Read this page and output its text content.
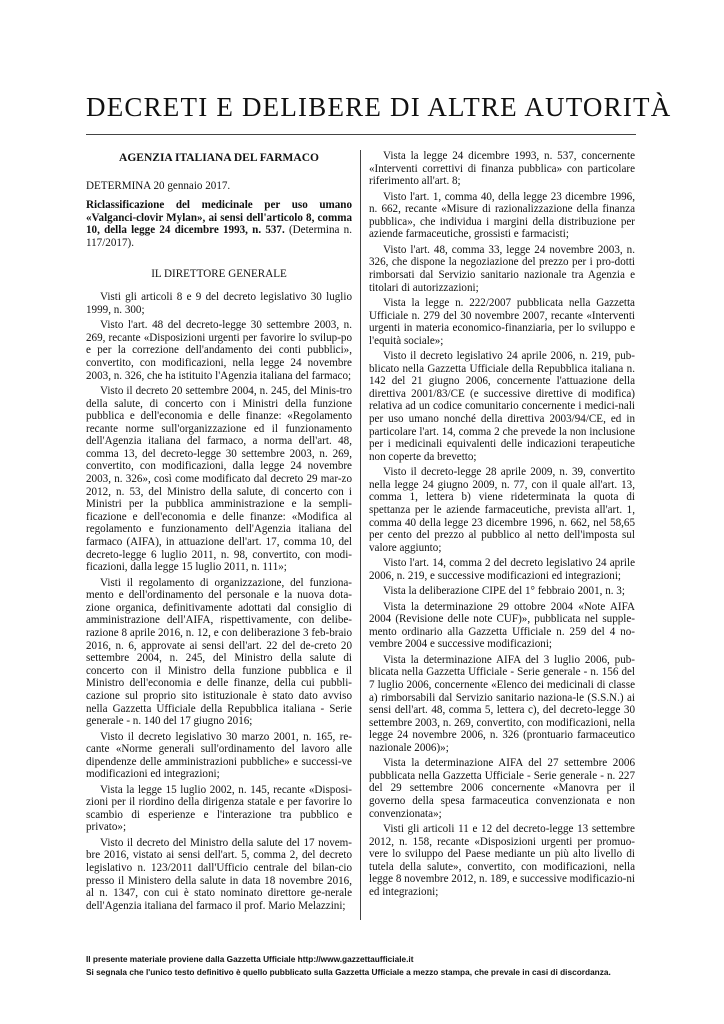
DECRETI E DELIBERE DI ALTRE AUTORITÀ
AGENZIA ITALIANA DEL FARMACO
DETERMINA 20 gennaio 2017.

Riclassificazione del medicinale per uso umano «Valganci-clovir Mylan», ai sensi dell'articolo 8, comma 10, della legge 24 dicembre 1993, n. 537. (Determina n. 117/2017).

IL DIRETTORE GENERALE

Visti gli articoli 8 e 9 del decreto legislativo 30 luglio 1999, n. 300;

Visto l'art. 48 del decreto-legge 30 settembre 2003, n. 269, recante «Disposizioni urgenti per favorire lo svilup-po e per la correzione dell'andamento dei conti pubblici», convertito, con modificazioni, nella legge 24 novembre 2003, n. 326, che ha istituito l'Agenzia italiana del farmaco;

Visto il decreto 20 settembre 2004, n. 245, del Minis-tro della salute, di concerto con i Ministri della funzione pubblica e dell'economia e delle finanze: «Regolamento recante norme sull'organizzazione ed il funzionamento dell'Agenzia italiana del farmaco, a norma dell'art. 48, comma 13, del decreto-legge 30 settembre 2003, n. 269, convertito, con modificazioni, dalla legge 24 novembre 2003, n. 326», così come modificato dal decreto 29 mar-zo 2012, n. 53, del Ministro della salute, di concerto con i Ministri per la pubblica amministrazione e la sempli-ficazione e dell'economia e delle finanze: «Modifica al regolamento e funzionamento dell'Agenzia italiana del farmaco (AIFA), in attuazione dell'art. 17, comma 10, del decreto-legge 6 luglio 2011, n. 98, convertito, con modi-ficazioni, dalla legge 15 luglio 2011, n. 111»;

Visti il regolamento di organizzazione, del funziona-mento e dell'ordinamento del personale e la nuova dota-zione organica, definitivamente adottati dal consiglio di amministrazione dell'AIFA, rispettivamente, con delibe-razione 8 aprile 2016, n. 12, e con deliberazione 3 feb-braio 2016, n. 6, approvate ai sensi dell'art. 22 del de-creto 20 settembre 2004, n. 245, del Ministro della salute di concerto con il Ministro della funzione pubblica e il Ministro dell'economia e delle finanze, della cui pubbli-cazione sul proprio sito istituzionale è stato dato avviso nella Gazzetta Ufficiale della Repubblica italiana - Serie generale - n. 140 del 17 giugno 2016;

Visto il decreto legislativo 30 marzo 2001, n. 165, re-cante «Norme generali sull'ordinamento del lavoro alle dipendenze delle amministrazioni pubbliche» e successi-ve modificazioni ed integrazioni;

Vista la legge 15 luglio 2002, n. 145, recante «Disposi-zioni per il riordino della dirigenza statale e per favorire lo scambio di esperienze e l'interazione tra pubblico e privato»;

Visto il decreto del Ministro della salute del 17 novem-bre 2016, vistato ai sensi dell'art. 5, comma 2, del decreto legislativo n. 123/2011 dall'Ufficio centrale del bilan-cio presso il Ministero della salute in data 18 novembre 2016, al n. 1347, con cui è stato nominato direttore ge-nerale dell'Agenzia italiana del farmaco il prof. Mario Melazzini;

Vista la legge 24 dicembre 1993, n. 537, concernente «Interventi correttivi di finanza pubblica» con particolare riferimento all'art. 8;

Visto l'art. 1, comma 40, della legge 23 dicembre 1996, n. 662, recante «Misure di razionalizzazione della finanza pubblica», che individua i margini della distribuzione per aziende farmaceutiche, grossisti e farmacisti;

Visto l'art. 48, comma 33, legge 24 novembre 2003, n. 326, che dispone la negoziazione del prezzo per i pro-dotti rimborsati dal Servizio sanitario nazionale tra Agenzia e titolari di autorizzazioni;

Vista la legge n. 222/2007 pubblicata nella Gazzetta Ufficiale n. 279 del 30 novembre 2007, recante «Interventi urgenti in materia economico-finanziaria, per lo sviluppo e l'equità sociale»;

Visto il decreto legislativo 24 aprile 2006, n. 219, pub-blicato nella Gazzetta Ufficiale della Repubblica italiana n. 142 del 21 giugno 2006, concernente l'attuazione della direttiva 2001/83/CE (e successive direttive di modifica) relativa ad un codice comunitario concernente i medici-nali per uso umano nonché della direttiva 2003/94/CE, ed in particolare l'art. 14, comma 2 che prevede la non inclusione per i medicinali equivalenti delle indicazioni terapeutiche non coperte da brevetto;

Visto il decreto-legge 28 aprile 2009, n. 39, convertito nella legge 24 giugno 2009, n. 77, con il quale all'art. 13, comma 1, lettera b) viene rideterminata la quota di spettanza per le aziende farmaceutiche, prevista all'art. 1, comma 40 della legge 23 dicembre 1996, n. 662, nel 58,65 per cento del prezzo al pubblico al netto dell'imposta sul valore aggiunto;

Visto l'art. 14, comma 2 del decreto legislativo 24 aprile 2006, n. 219, e successive modificazioni ed integrazioni;

Vista la deliberazione CIPE del 1° febbraio 2001, n. 3;

Vista la determinazione 29 ottobre 2004 «Note AIFA 2004 (Revisione delle note CUF)», pubblicata nel supple-mento ordinario alla Gazzetta Ufficiale n. 259 del 4 no-vembre 2004 e successive modificazioni;

Vista la determinazione AIFA del 3 luglio 2006, pub-blicata nella Gazzetta Ufficiale - Serie generale - n. 156 del 7 luglio 2006, concernente «Elenco dei medicinali di classe a) rimborsabili dal Servizio sanitario naziona-le (S.S.N.) ai sensi dell'art. 48, comma 5, lettera c), del decreto-legge 30 settembre 2003, n. 269, convertito, con modificazioni, nella legge 24 novembre 2006, n. 326 (prontuario farmaceutico nazionale 2006)»;

Vista la determinazione AIFA del 27 settembre 2006 pubblicata nella Gazzetta Ufficiale - Serie generale - n. 227 del 29 settembre 2006 concernente «Manovra per il governo della spesa farmaceutica convenzionata e non convenzionata»;

Visti gli articoli 11 e 12 del decreto-legge 13 settembre 2012, n. 158, recante «Disposizioni urgenti per promuo-vere lo sviluppo del Paese mediante un più alto livello di tutela della salute», convertito, con modificazioni, nella legge 8 novembre 2012, n. 189, e successive modificazio-ni ed integrazioni;

Il presente materiale proviene dalla Gazzetta Ufficiale http://www.gazzettaufficiale.it
Si segnala che l'unico testo definitivo è quello pubblicato sulla Gazzetta Ufficiale a mezzo stampa, che prevale in casi di discordanza.
